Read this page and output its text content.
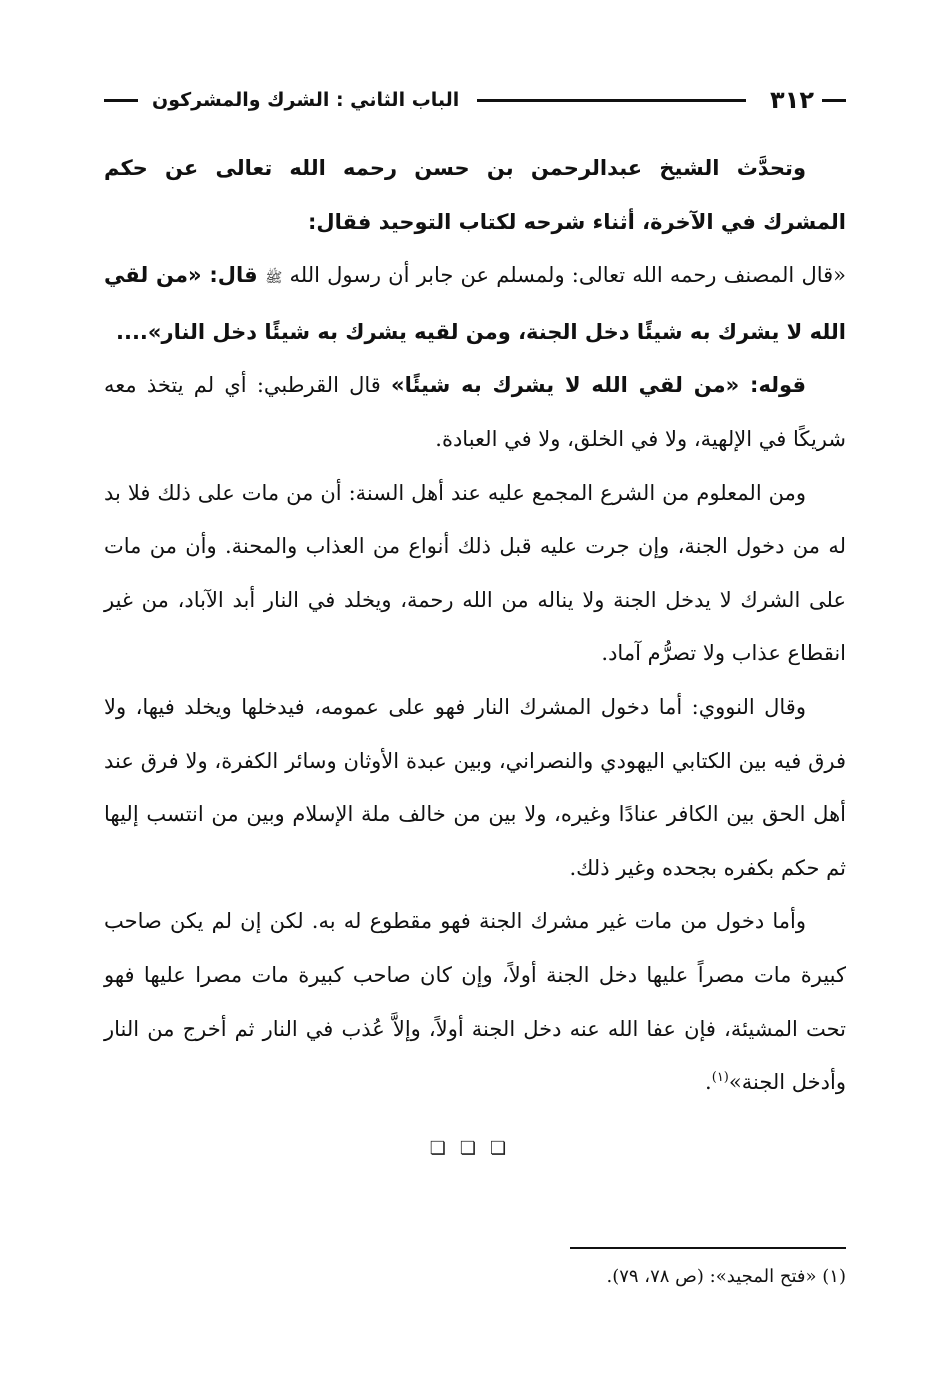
٣١٢
الباب الثاني : الشرك والمشركون

وتحدَّث الشيخ عبدالرحمن بن حسن رحمه الله تعالى عن حكم المشرك في الآخرة، أثناء شرحه لكتاب التوحيد فقال:

«قال المصنف رحمه الله تعالى: ولمسلم عن جابر أن رسول الله ﷺ قال: «من لقي الله لا يشرك به شيئًا دخل الجنة، ومن لقيه يشرك به شيئًا دخل النار»....

قوله: «من لقي الله لا يشرك به شيئًا» قال القرطبي: أي لم يتخذ معه شريكًا في الإلهية، ولا في الخلق، ولا في العبادة.

ومن المعلوم من الشرع المجمع عليه عند أهل السنة: أن من مات على ذلك فلا بد له من دخول الجنة، وإن جرت عليه قبل ذلك أنواع من العذاب والمحنة. وأن من مات على الشرك لا يدخل الجنة ولا يناله من الله رحمة، ويخلد في النار أبد الآباد، من غير انقطاع عذاب ولا تصرُّم آماد.

وقال النووي: أما دخول المشرك النار فهو على عمومه، فيدخلها ويخلد فيها، ولا فرق فيه بين الكتابي اليهودي والنصراني، وبين عبدة الأوثان وسائر الكفرة، ولا فرق عند أهل الحق بين الكافر عنادًا وغيره، ولا بين من خالف ملة الإسلام وبين من انتسب إليها ثم حكم بكفره بجحده وغير ذلك.

وأما دخول من مات غير مشرك الجنة فهو مقطوع له به. لكن إن لم يكن صاحب كبيرة مات مصراً عليها دخل الجنة أولاً، وإن كان صاحب كبيرة مات مصرا عليها فهو تحت المشيئة، فإن عفا الله عنه دخل الجنة أولاً، وإلاَّ عُذب في النار ثم أخرج من النار وأدخل الجنة»$^{(١)}$.

❏❏❏
(١) «فتح المجيد»: (ص ٧٨، ٧٩).
